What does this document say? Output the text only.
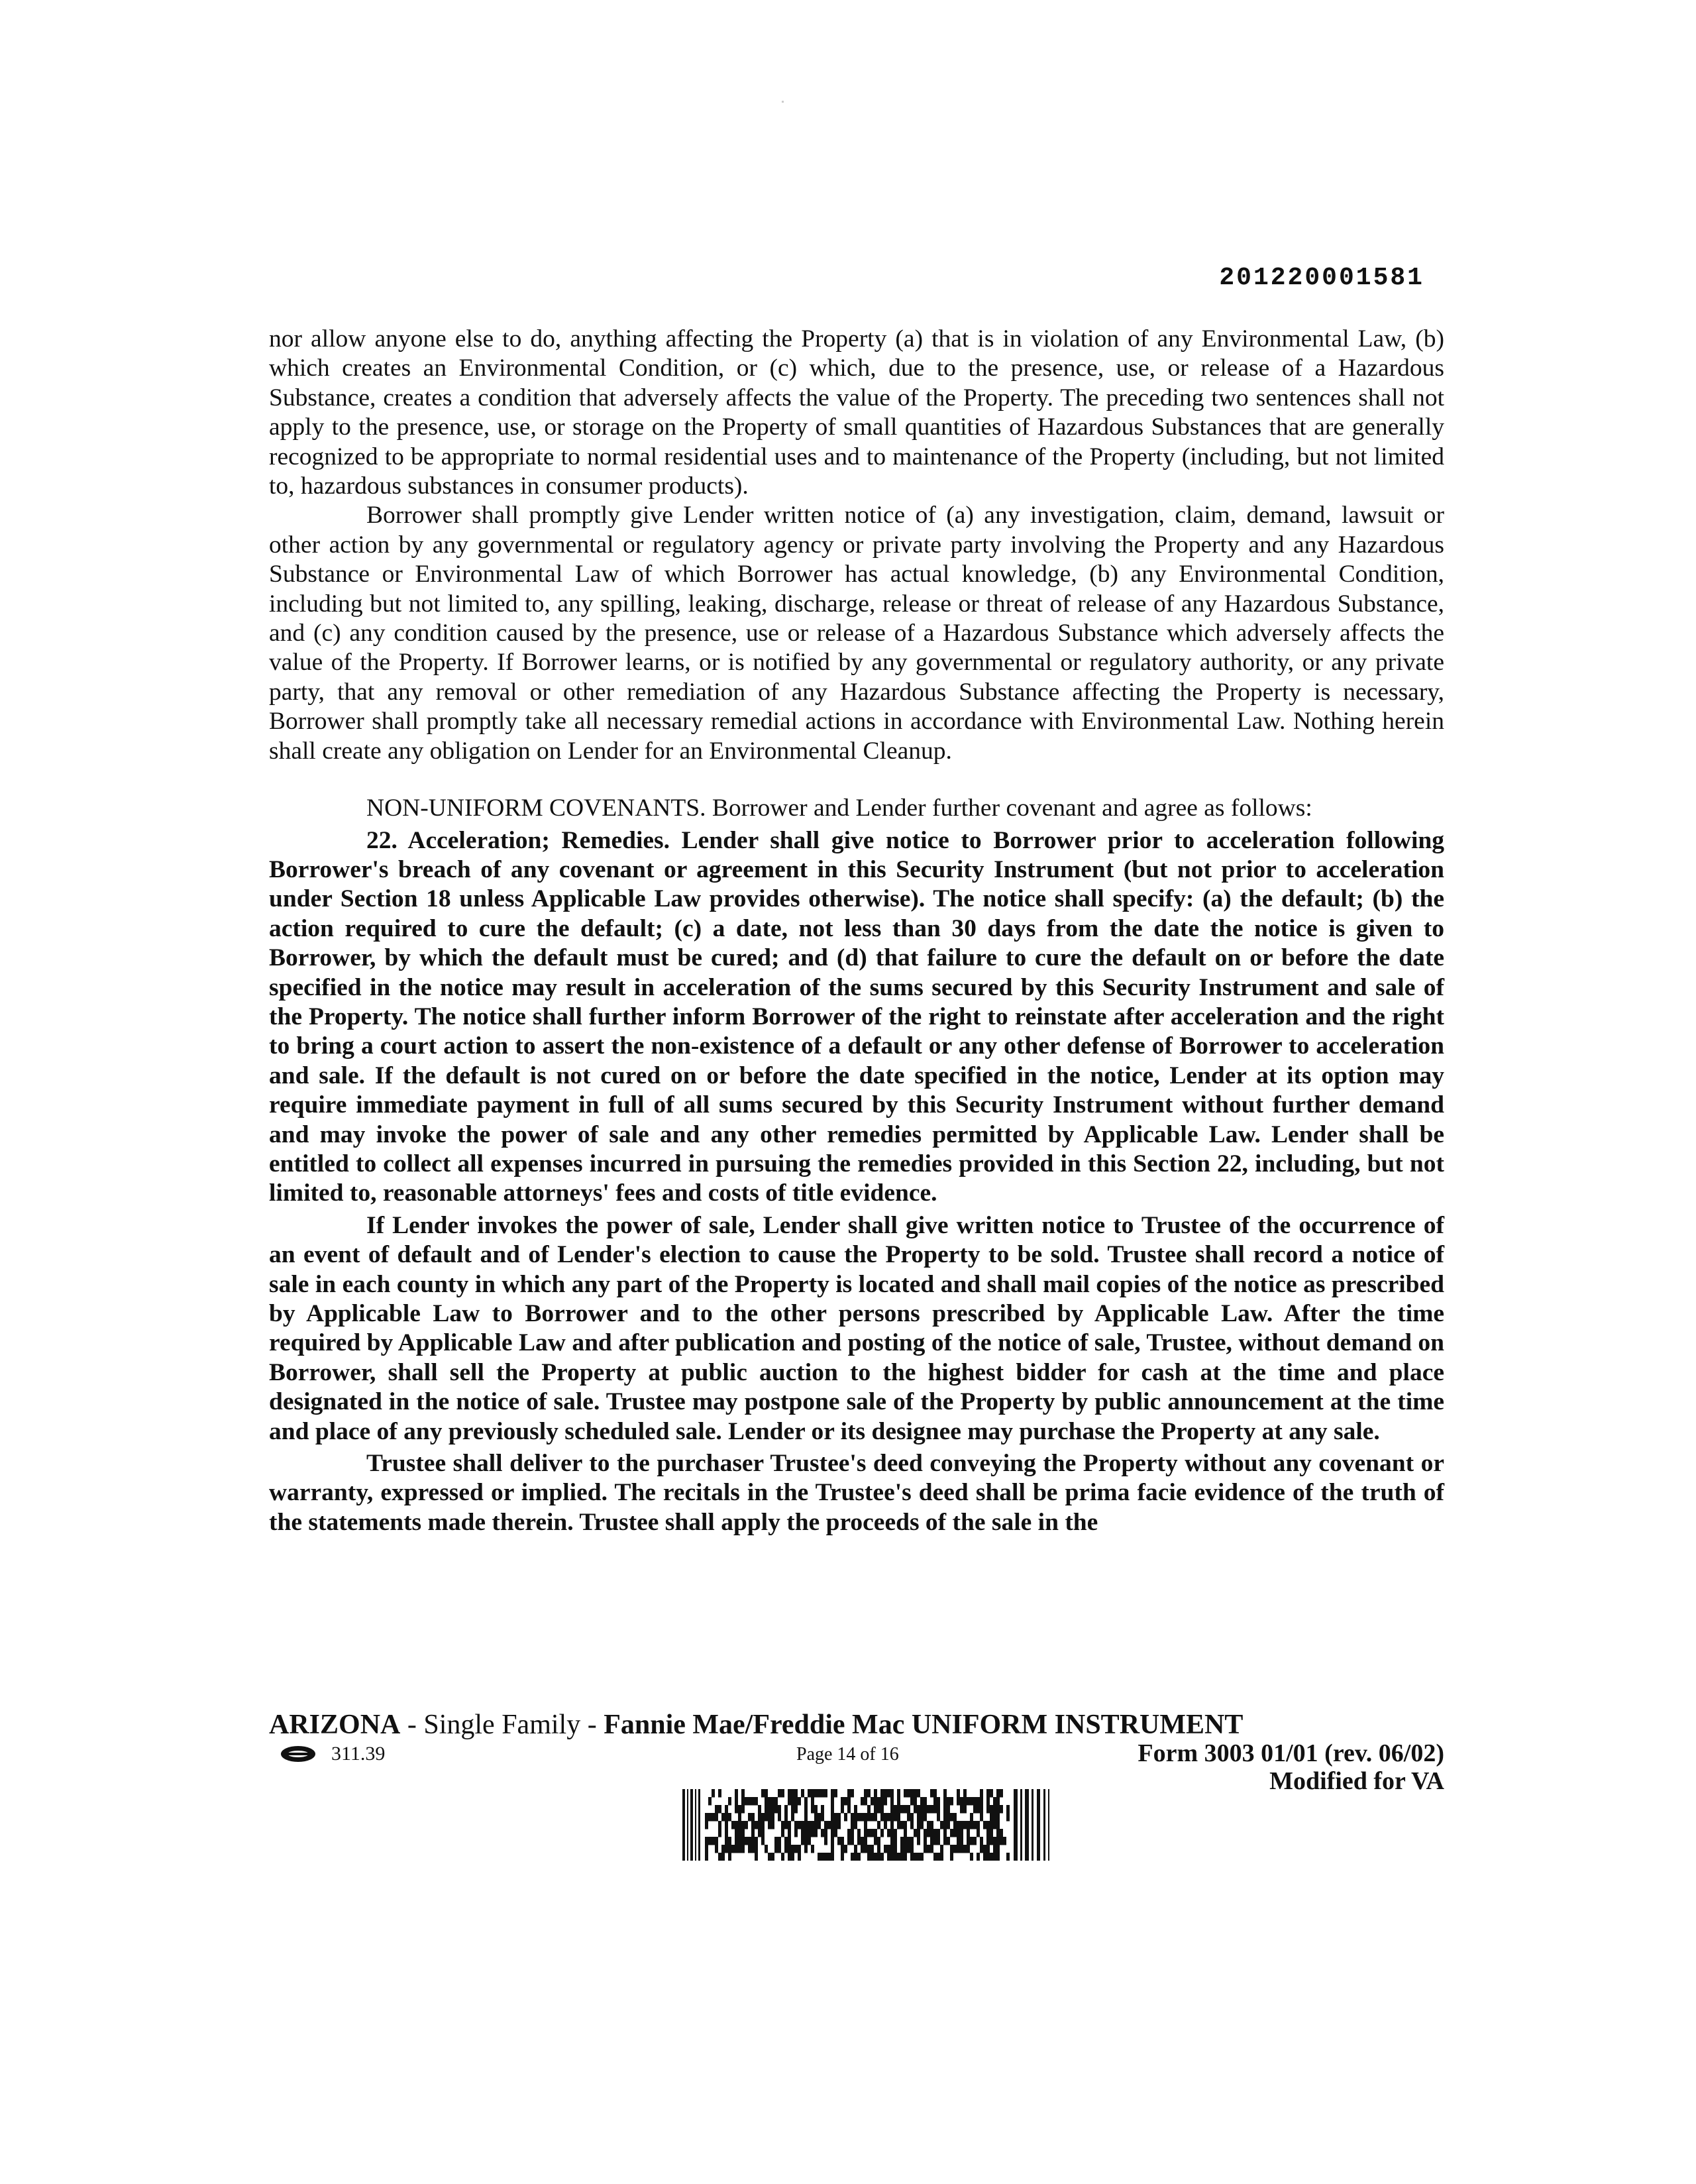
201220001581

nor allow anyone else to do, anything affecting the Property (a) that is in violation of any Environmental Law, (b) which creates an Environmental Condition, or (c) which, due to the presence, use, or release of a Hazardous Substance, creates a condition that adversely affects the value of the Property. The preceding two sentences shall not apply to the presence, use, or storage on the Property of small quantities of Hazardous Substances that are generally recognized to be appropriate to normal residential uses and to maintenance of the Property (including, but not limited to, hazardous substances in consumer products).

Borrower shall promptly give Lender written notice of (a) any investigation, claim, demand, lawsuit or other action by any governmental or regulatory agency or private party involving the Property and any Hazardous Substance or Environmental Law of which Borrower has actual knowledge, (b) any Environmental Condition, including but not limited to, any spilling, leaking, discharge, release or threat of release of any Hazardous Substance, and (c) any condition caused by the presence, use or release of a Hazardous Substance which adversely affects the value of the Property. If Borrower learns, or is notified by any governmental or regulatory authority, or any private party, that any removal or other remediation of any Hazardous Substance affecting the Property is necessary, Borrower shall promptly take all necessary remedial actions in accordance with Environmental Law. Nothing herein shall create any obligation on Lender for an Environmental Cleanup.

NON-UNIFORM COVENANTS. Borrower and Lender further covenant and agree as follows:

22. Acceleration; Remedies. Lender shall give notice to Borrower prior to acceleration following Borrower's breach of any covenant or agreement in this Security Instrument (but not prior to acceleration under Section 18 unless Applicable Law provides otherwise). The notice shall specify: (a) the default; (b) the action required to cure the default; (c) a date, not less than 30 days from the date the notice is given to Borrower, by which the default must be cured; and (d) that failure to cure the default on or before the date specified in the notice may result in acceleration of the sums secured by this Security Instrument and sale of the Property. The notice shall further inform Borrower of the right to reinstate after acceleration and the right to bring a court action to assert the non-existence of a default or any other defense of Borrower to acceleration and sale. If the default is not cured on or before the date specified in the notice, Lender at its option may require immediate payment in full of all sums secured by this Security Instrument without further demand and may invoke the power of sale and any other remedies permitted by Applicable Law. Lender shall be entitled to collect all expenses incurred in pursuing the remedies provided in this Section 22, including, but not limited to, reasonable attorneys' fees and costs of title evidence.

If Lender invokes the power of sale, Lender shall give written notice to Trustee of the occurrence of an event of default and of Lender's election to cause the Property to be sold. Trustee shall record a notice of sale in each county in which any part of the Property is located and shall mail copies of the notice as prescribed by Applicable Law to Borrower and to the other persons prescribed by Applicable Law. After the time required by Applicable Law and after publication and posting of the notice of sale, Trustee, without demand on Borrower, shall sell the Property at public auction to the highest bidder for cash at the time and place designated in the notice of sale. Trustee may postpone sale of the Property by public announcement at the time and place of any previously scheduled sale. Lender or its designee may purchase the Property at any sale.

Trustee shall deliver to the purchaser Trustee's deed conveying the Property without any covenant or warranty, expressed or implied. The recitals in the Trustee's deed shall be prima facie evidence of the truth of the statements made therein. Trustee shall apply the proceeds of the sale in the

ARIZONA - Single Family - Fannie Mae/Freddie Mac UNIFORM INSTRUMENT
311.39	Page 14 of 16	Form 3003 01/01 (rev. 06/02)
Modified for VA
